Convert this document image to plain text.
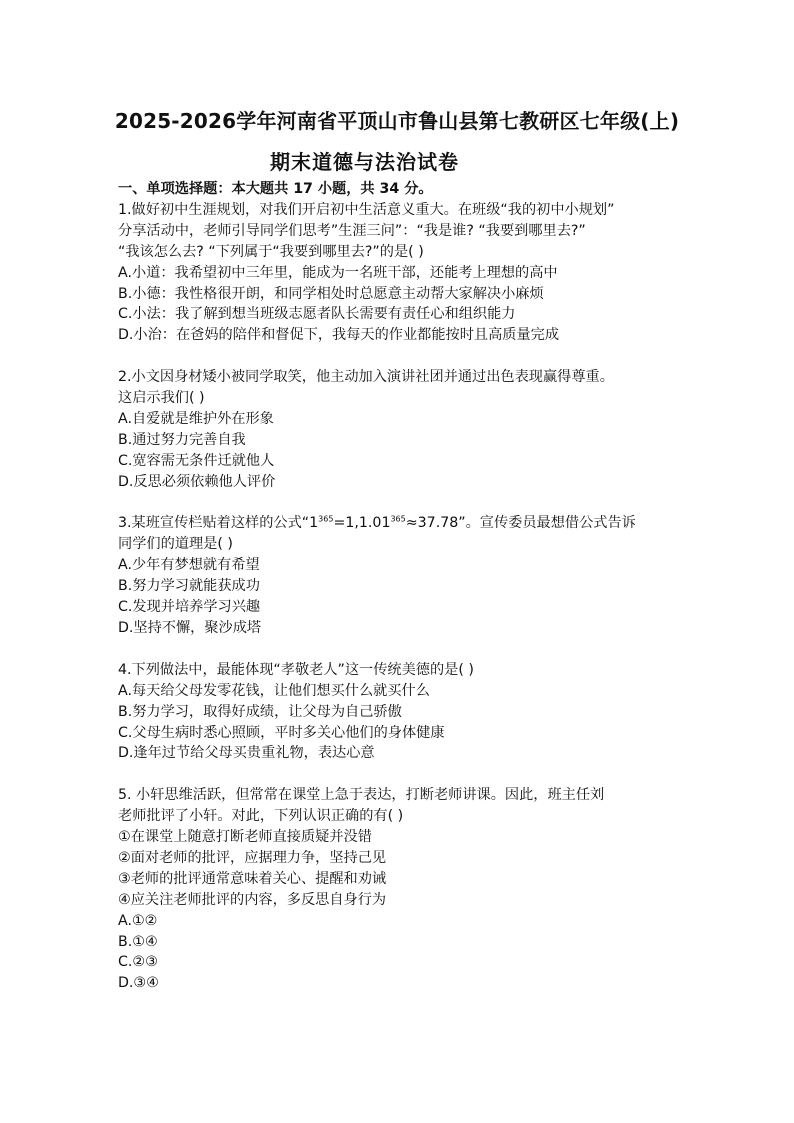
2025-2026学年河南省平顶山市鲁山县第七教研区七年级(上)
期末道德与法治试卷
一、单项选择题：本大题共 17 小题，共 34 分。
1.做好初中生涯规划，对我们开启初中生活意义重大。在班级“我的初中小规划”
分享活动中，老师引导同学们思考”生涯三问”：“我是谁? “我要到哪里去?”
“我该怎么去? “下列属于“我要到哪里去?”的是( )
A.小道：我希望初中三年里，能成为一名班干部，还能考上理想的高中
B.小德：我性格很开朗，和同学相处时总愿意主动帮大家解决小麻烦
C.小法：我了解到想当班级志愿者队长需要有责任心和组织能力
D.小治：在爸妈的陪伴和督促下，我每天的作业都能按时且高质量完成
2.小文因身材矮小被同学取笑，他主动加入演讲社团并通过出色表现赢得尊重。
这启示我们( )
A.自爱就是维护外在形象
B.通过努力完善自我
C.宽容需无条件迁就他人
D.反思必须依赖他人评价
3.某班宣传栏贴着这样的公式“$1^{365}=1,1.01^{365}\approx 37.78$”。宣传委员最想借公式告诉
同学们的道理是( )
A.少年有梦想就有希望
B.努力学习就能获成功
C.发现并培养学习兴趣
D.坚持不懈，聚沙成塔
4.下列做法中，最能体现“孝敬老人”这一传统美德的是( )
A.每天给父母发零花钱，让他们想买什么就买什么
B.努力学习，取得好成绩，让父母为自己骄傲
C.父母生病时悉心照顾，平时多关心他们的身体健康
D.逢年过节给父母买贵重礼物，表达心意
5. 小轩思维活跃，但常常在课堂上急于表达，打断老师讲课。因此，班主任刘
老师批评了小轩。对此，下列认识正确的有( )
①在课堂上随意打断老师直接质疑并没错
②面对老师的批评，应据理力争，坚持己见
③老师的批评通常意味着关心、提醒和劝诫
④应关注老师批评的内容，多反思自身行为
A.①②
B.①④
C.②③
D.③④
